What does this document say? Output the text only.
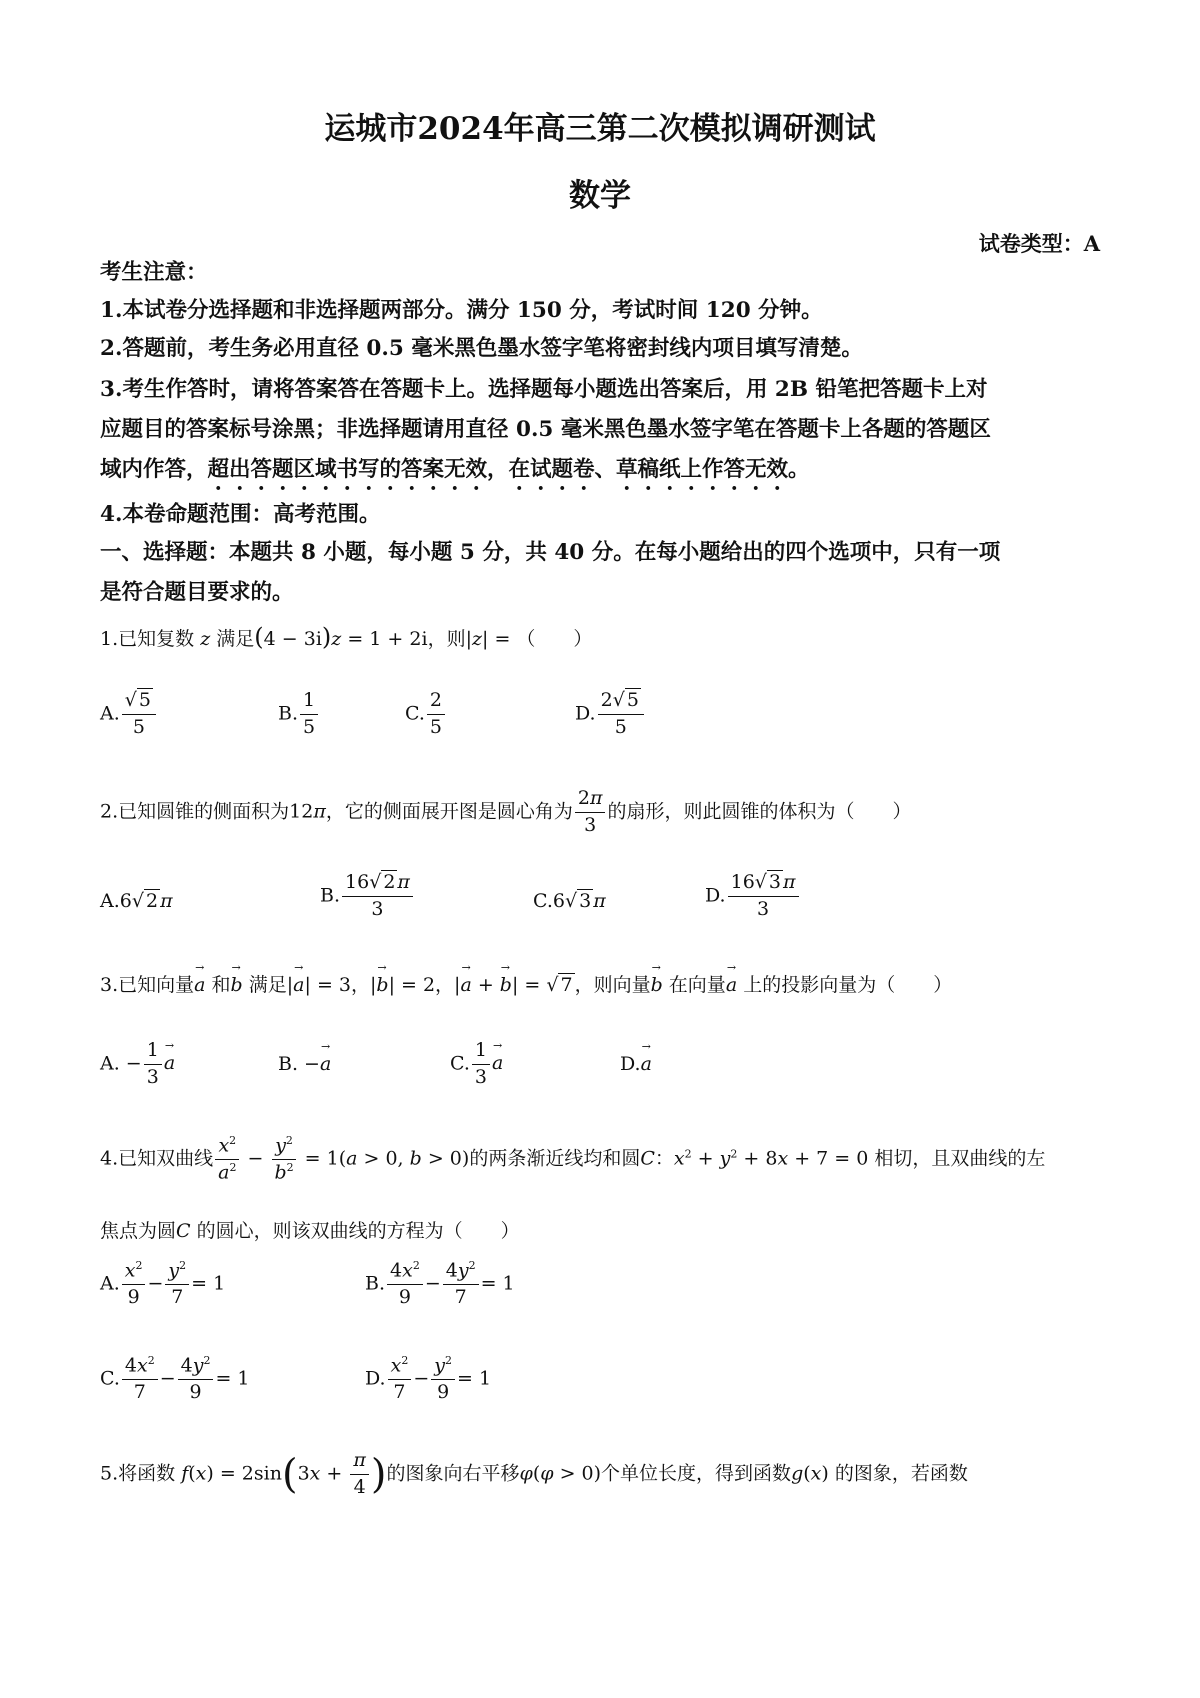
运城市2024年高三第二次模拟调研测试
数学
试卷类型：A
考生注意：
1.本试卷分选择题和非选择题两部分。满分 150 分，考试时间 120 分钟。
2.答题前，考生务必用直径 0.5 毫米黑色墨水签字笔将密封线内项目填写清楚。
3.考生作答时，请将答案答在答题卡上。选择题每小题选出答案后，用 2B 铅笔把答题卡上对
应题目的答案标号涂黑；非选择题请用直径 0.5 毫米黑色墨水签字笔在答题卡上各题的答题区
域内作答，超出答题区域书写的答案无效，在试题卷、草稿纸上作答无效。
4.本卷命题范围：高考范围。
一、选择题：本题共 8 小题，每小题 5 分，共 40 分。在每小题给出的四个选项中，只有一项
是符合题目要求的。
1.已知复数 z 满足(4 − 3i)z = 1 + 2i，则|z| = （　　）
A. $\frac{√ 5}{5}$	B. $\frac{1}{5}$	C. $\frac{2}{5}$	D. $\frac{2√ 5}{5}$
2.已知圆锥的侧面积为12π，它的侧面展开图是圆心角为 $\frac{2\pi}{3}$ 的扇形，则此圆锥的体积为（　　）
A.6√ 2 π	B. $\frac{16√ 2 \pi}{3}$	C.6√ 3 π	D. $\frac{16√ 3 \pi}{3}$
3.已知向量→ a 和→ b 满足|→ a| = 3，|→ b| = 2，|→ a + → b| = √ 7 ，则向量→ b 在向量→ a 上的投影向量为（　　）
A. − $\frac{1}{3}$
→ a	B. −→ a	C. $\frac{1}{3}$
→ a	D.→ a
4.已知双曲线 $\frac{x^2}{a^2} - \frac{y^2}{b^2} = 1(a > 0$, b > 0)的两条渐近线均和圆C：$x^2 + y^2 + 8x + 7 = 0$ 相切，且双曲线的左
焦点为圆C 的圆心，则该双曲线的方程为（　　）
A. $\frac{x^2}{9} - \frac{y^2}{7} = 1$	B. $\frac{4x^2}{9} - \frac{4y^2}{7} = 1$
C. $\frac{4x^2}{7} - \frac{4y^2}{9} = 1$	D. $\frac{x^2}{7} - \frac{y^2}{9} = 1$
5.将函数 $f(x) = 2\sin(3x + \frac{\pi}{4}$ )的图象向右平移φ(φ > 0)个单位长度，得到函数g(x) 的图象，若函数
